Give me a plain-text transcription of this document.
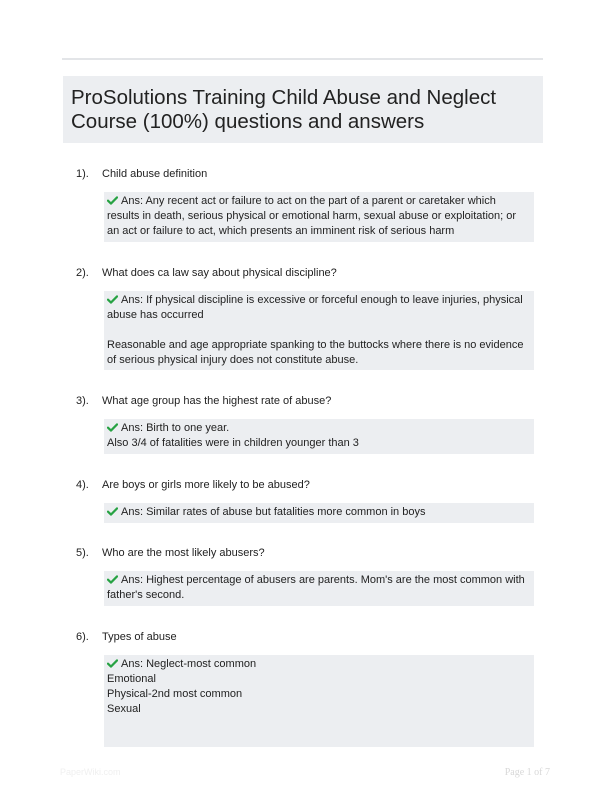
ProSolutions Training Child Abuse and Neglect Course (100%) questions and answers
1). Child abuse definition

Ans: Any recent act or failure to act on the part of a parent or caretaker which results in death, serious physical or emotional harm, sexual abuse or exploitation; or an act or failure to act, which presents an imminent risk of serious harm

2). What does ca law say about physical discipline?

Ans: If physical discipline is excessive or forceful enough to leave injuries, physical abuse has occurred

Reasonable and age appropriate spanking to the buttocks where there is no evidence of serious physical injury does not constitute abuse.

3). What age group has the highest rate of abuse?

Ans: Birth to one year.
Also 3/4 of fatalities were in children younger than 3

4). Are boys or girls more likely to be abused?

Ans: Similar rates of abuse but fatalities more common in boys

5). Who are the most likely abusers?

Ans: Highest percentage of abusers are parents. Mom's are the most common with father's second.

6). Types of abuse

Ans: Neglect-most common
Emotional
Physical-2nd most common
Sexual

PaperWiki.com	Page 1 of 7
